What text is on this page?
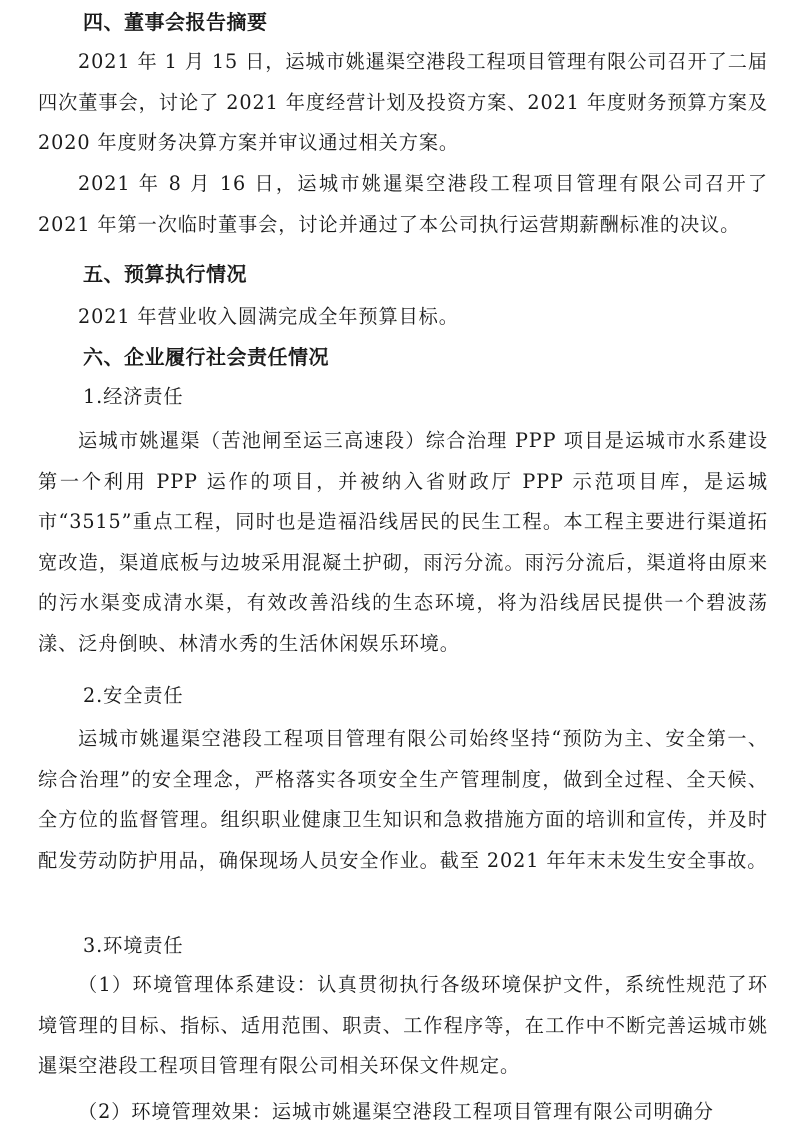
四、董事会报告摘要

2021 年 1 月 15 日，运城市姚暹渠空港段工程项目管理有限公司召开了二届四次董事会，讨论了 2021 年度经营计划及投资方案、2021 年度财务预算方案及 2020 年度财务决算方案并审议通过相关方案。

2021 年 8 月 16 日，运城市姚暹渠空港段工程项目管理有限公司召开了 2021 年第一次临时董事会，讨论并通过了本公司执行运营期薪酬标准的决议。

五、预算执行情况

2021 年营业收入圆满完成全年预算目标。

六、企业履行社会责任情况
1.经济责任

运城市姚暹渠（苦池闸至运三高速段）综合治理 PPP 项目是运城市水系建设第一个利用 PPP 运作的项目，并被纳入省财政厅 PPP 示范项目库，是运城市“3515”重点工程，同时也是造福沿线居民的民生工程。本工程主要进行渠道拓宽改造，渠道底板与边坡采用混凝土护砌，雨污分流。雨污分流后，渠道将由原来的污水渠变成清水渠，有效改善沿线的生态环境，将为沿线居民提供一个碧波荡漾、泛舟倒映、林清水秀的生活休闲娱乐环境。

2.安全责任

运城市姚暹渠空港段工程项目管理有限公司始终坚持“预防为主、安全第一、综合治理”的安全理念，严格落实各项安全生产管理制度，做到全过程、全天候、全方位的监督管理。组织职业健康卫生知识和急救措施方面的培训和宣传，并及时配发劳动防护用品，确保现场人员安全作业。截至 2021 年年末未发生安全事故。

3.环境责任

（1）环境管理体系建设：认真贯彻执行各级环境保护文件，系统性规范了环境管理的目标、指标、适用范围、职责、工作程序等，在工作中不断完善运城市姚暹渠空港段工程项目管理有限公司相关环保文件规定。

（2）环境管理效果：运城市姚暹渠空港段工程项目管理有限公司明确分
